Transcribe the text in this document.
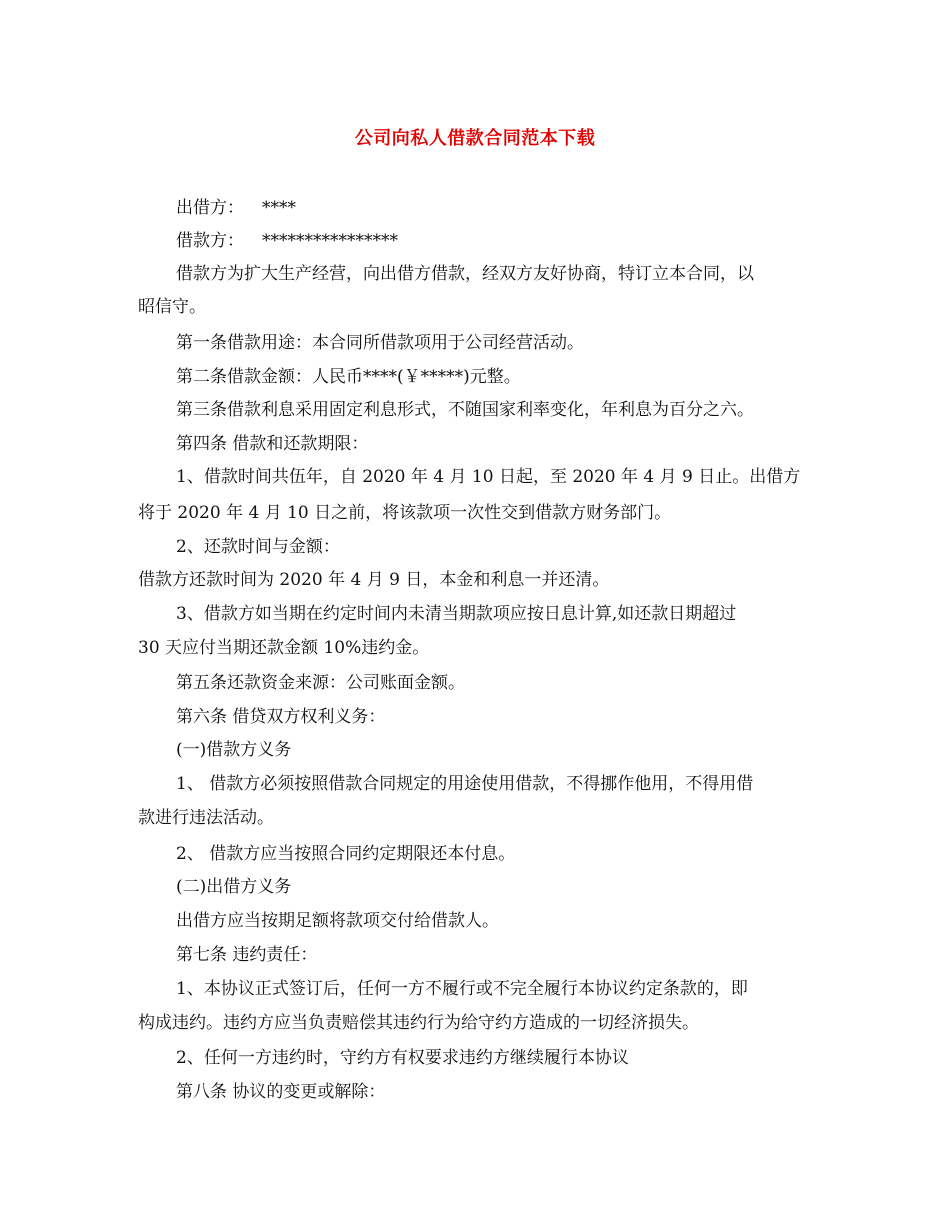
公司向私人借款合同范本下载
出借方： ****
借款方： ****************
借款方为扩大生产经营，向出借方借款，经双方友好协商，特订立本合同，以
昭信守。
第一条借款用途：本合同所借款项用于公司经营活动。
第二条借款金额：人民币****(￥*****)元整。
第三条借款利息采用固定利息形式，不随国家利率变化，年利息为百分之六。
第四条 借款和还款期限：
1、借款时间共伍年，自 2020 年 4 月 10 日起，至 2020 年 4 月 9 日止。出借方
将于 2020 年 4 月 10 日之前，将该款项一次性交到借款方财务部门。
2、还款时间与金额：
借款方还款时间为 2020 年 4 月 9 日，本金和利息一并还清。
3、借款方如当期在约定时间内未清当期款项应按日息计算,如还款日期超过
30 天应付当期还款金额 10%违约金。
第五条还款资金来源：公司账面金额。
第六条 借贷双方权利义务：
(一)借款方义务
1、 借款方必须按照借款合同规定的用途使用借款，不得挪作他用，不得用借
款进行违法活动。
2、 借款方应当按照合同约定期限还本付息。
(二)出借方义务
出借方应当按期足额将款项交付给借款人。
第七条 违约责任：
1、本协议正式签订后，任何一方不履行或不完全履行本协议约定条款的，即
构成违约。违约方应当负责赔偿其违约行为给守约方造成的一切经济损失。
2、任何一方违约时，守约方有权要求违约方继续履行本协议
第八条 协议的变更或解除：
